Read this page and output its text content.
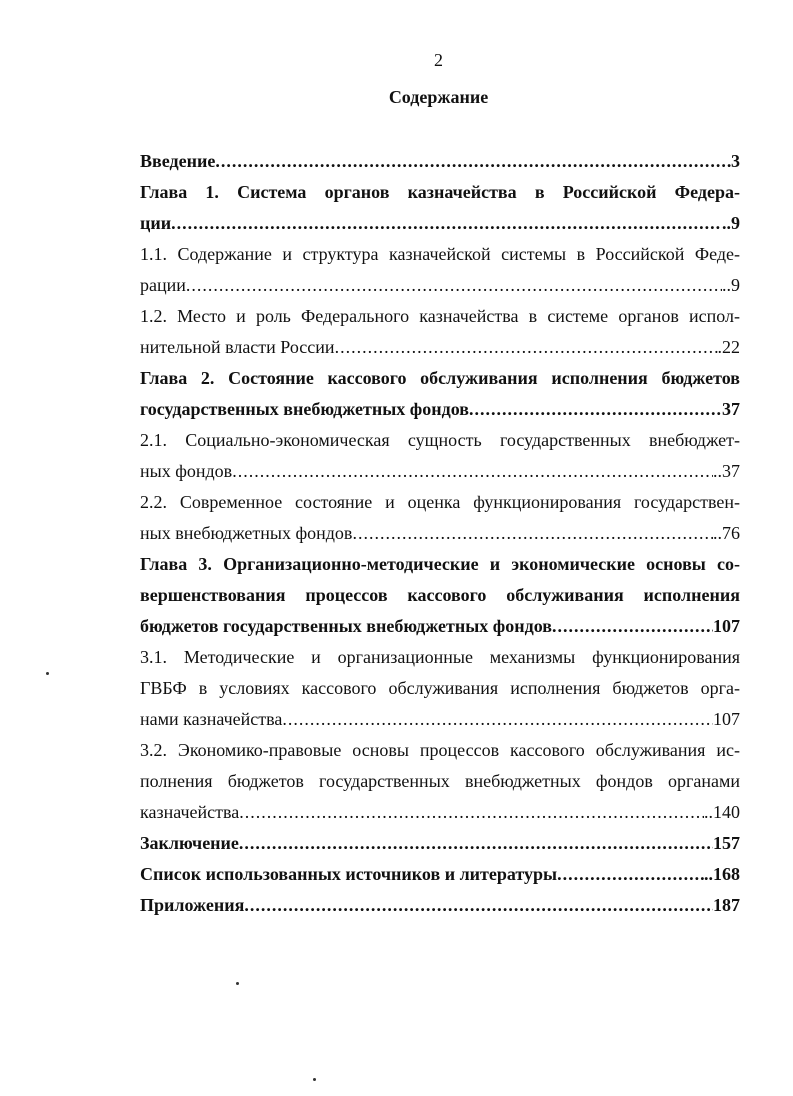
2
Содержание
Введение .....	3
Глава 1. Система органов казначейства в Российской Федера-
ции .....	..9
1.1. Содержание и структура казначейской системы в Российской Феде-
рации .....	..9
1.2. Место и роль Федерального казначейства в системе органов испол-
нительной власти России .....	.22
Глава 2. Состояние кассового обслуживания исполнения бюджетов
государственных внебюджетных фондов .....	37
2.1. Социально-экономическая сущность государственных внебюджет-
ных фондов .....	..37
2.2. Современное состояние и оценка функционирования государствен-
ных внебюджетных фондов .....	..76
Глава 3. Организационно-методические и экономические основы со-
вершенствования процессов кассового обслуживания исполнения
бюджетов государственных внебюджетных фондов .....	107
3.1. Методические и организационные механизмы функционирования
ГВБФ в условиях кассового обслуживания исполнения бюджетов орга-
нами казначейства .....	107
3.2. Экономико-правовые основы процессов кассового обслуживания ис-
полнения бюджетов государственных внебюджетных фондов органами
казначейства .....	..140
Заключение .....	157
Список использованных источников и литературы .....	..168
Приложения .....	187
